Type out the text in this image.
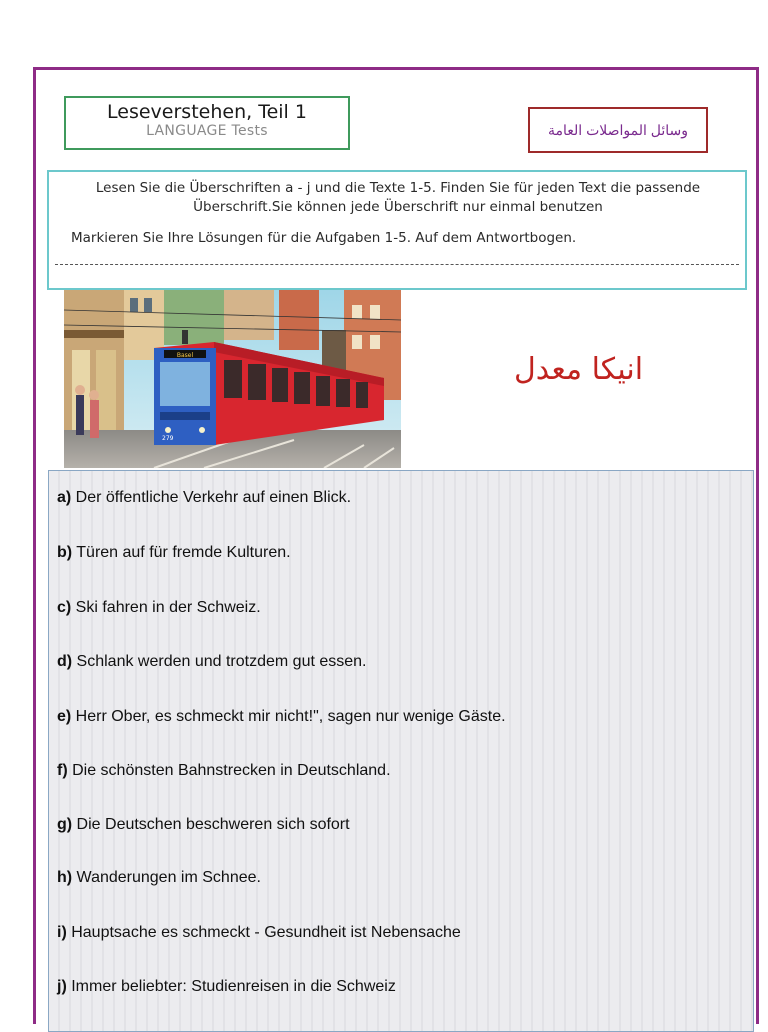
Leseverstehen, Teil 1
LANGUAGE Tests	وسائل المواصلات العامة
Lesen Sie die Überschriften a - j und die Texte 1-5. Finden Sie für jeden Text die passende Überschrift.Sie können jede Überschrift nur einmal benutzen
Markieren Sie Ihre Lösungen für die Aufgaben 1-5. Auf dem Antwortbogen.
Basel
279
انيكا معدل
a) Der öffentliche Verkehr auf einen Blick.
b) Türen auf für fremde Kulturen.
c) Ski fahren in der Schweiz.
d) Schlank werden und trotzdem gut essen.
e) Herr Ober, es schmeckt mir nicht!", sagen nur wenige Gäste.
f) Die schönsten Bahnstrecken in Deutschland.
g) Die Deutschen beschweren sich sofort
h) Wanderungen im Schnee.
i) Hauptsache es schmeckt - Gesundheit ist Nebensache
j) Immer beliebter: Studienreisen in die Schweiz
